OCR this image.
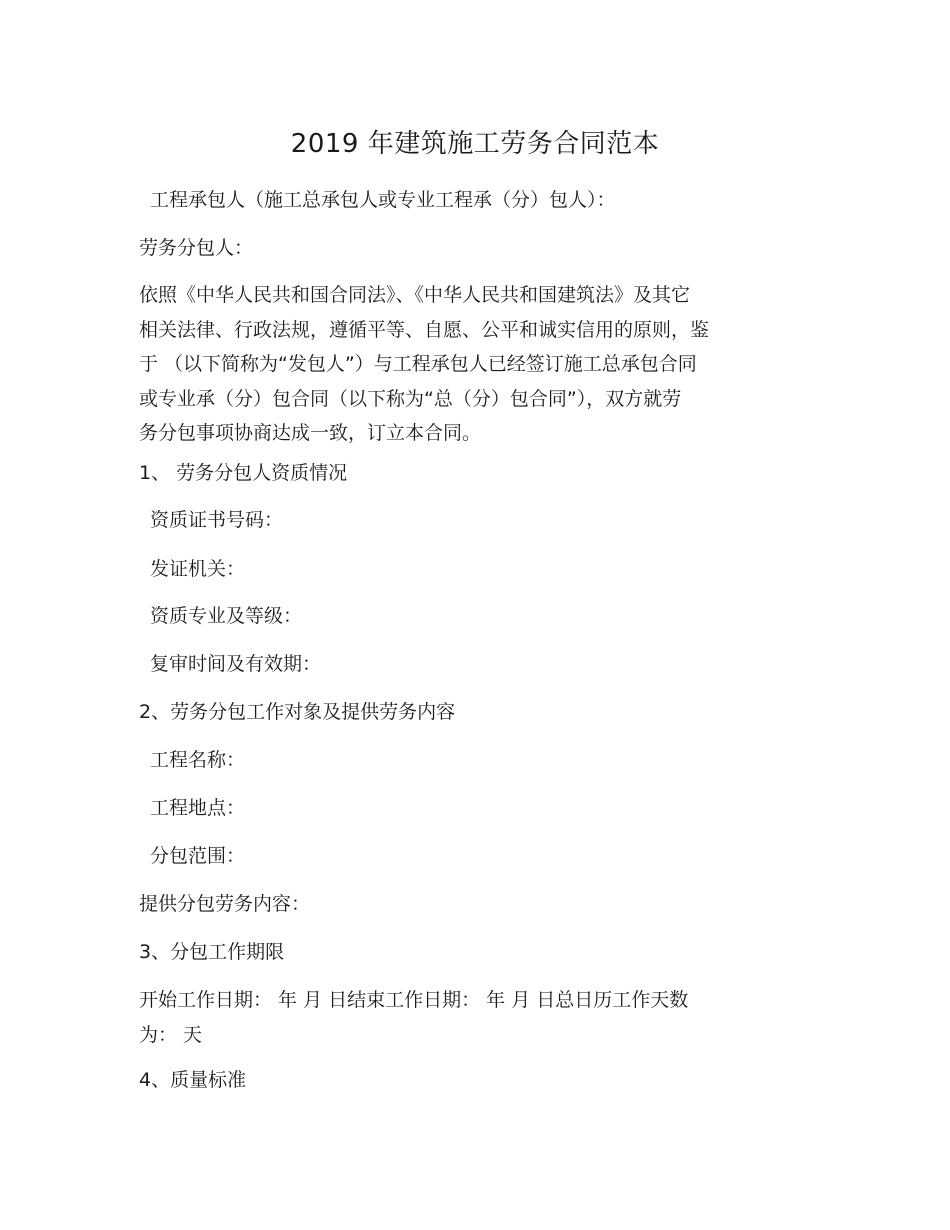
2019 年建筑施工劳务合同范本
工程承包人（施工总承包人或专业工程承（分）包人）：
劳务分包人：
依照《中华人民共和国合同法》、《中华人民共和国建筑法》及其它
相关法律、行政法规，遵循平等、自愿、公平和诚实信用的原则，鉴
于 （以下简称为“发包人”）与工程承包人已经签订施工总承包合同
或专业承（分）包合同（以下称为“总（分）包合同”），双方就劳
务分包事项协商达成一致，订立本合同。
1、 劳务分包人资质情况
资质证书号码：
发证机关：
资质专业及等级：
复审时间及有效期：
2、劳务分包工作对象及提供劳务内容
工程名称：
工程地点：
分包范围：
提供分包劳务内容：
3、分包工作期限
开始工作日期： 年 月 日结束工作日期： 年 月 日总日历工作天数
为： 天
4、质量标准
